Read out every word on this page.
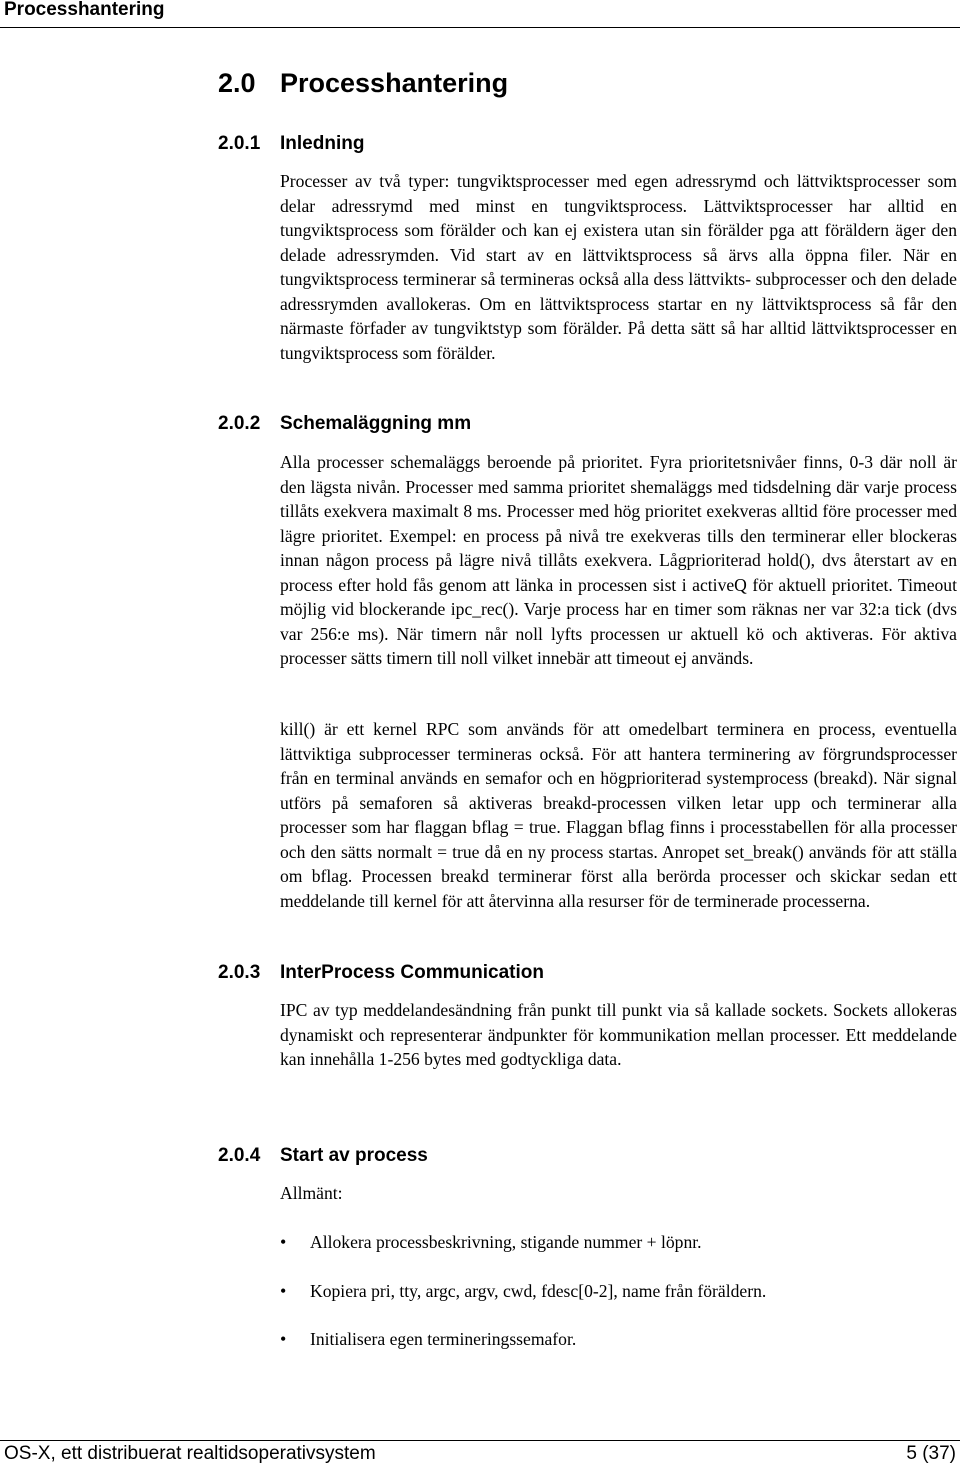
Processhantering
2.0 Processhantering
2.0.1 Inledning

Processer av två typer: tungviktsprocesser med egen adressrymd och lättviktsprocesser som delar adressrymd med minst en tungviktsprocess. Lättviktsprocesser har alltid en tungviktsprocess som förälder och kan ej existera utan sin förälder pga att föräldern äger den delade adressrymden. Vid start av en lättviktsprocess så ärvs alla öppna filer. När en tungviktsprocess terminerar så termineras också alla dess lättvikts- subprocesser och den delade adressrymden avallokeras. Om en lättviktsprocess startar en ny lättviktsprocess så får den närmaste förfader av tungviktstyp som förälder. På detta sätt så har alltid lättviktsprocesser en tungviktsprocess som förälder.

2.0.2 Schemaläggning mm

Alla processer schemaläggs beroende på prioritet. Fyra prioritetsnivåer finns, 0-3 där noll är den lägsta nivån. Processer med samma prioritet shemaläggs med tidsdelning där varje process tillåts exekvera maximalt 8 ms. Processer med hög prioritet exekveras alltid före processer med lägre prioritet. Exempel: en process på nivå tre exekveras tills den terminerar eller blockeras innan någon process på lägre nivå tillåts exekvera. Lågprioriterad hold(), dvs återstart av en process efter hold fås genom att länka in processen sist i activeQ för aktuell prioritet. Timeout möjlig vid blockerande ipc_rec(). Varje process har en timer som räknas ner var 32:a tick (dvs var 256:e ms). När timern når noll lyfts processen ur aktuell kö och aktiveras. För aktiva processer sätts timern till noll vilket innebär att timeout ej används.

kill() är ett kernel RPC som används för att omedelbart terminera en process, eventuella lättviktiga subprocesser termineras också. För att hantera terminering av förgrundsprocesser från en terminal används en semafor och en högprioriterad systemprocess (breakd). När signal utförs på semaforen så aktiveras breakd-processen vilken letar upp och terminerar alla processer som har flaggan bflag = true. Flaggan bflag finns i processtabellen för alla processer och den sätts normalt = true då en ny process startas. Anropet set_break() används för att ställa om bflag. Processen breakd terminerar först alla berörda processer och skickar sedan ett meddelande till kernel för att återvinna alla resurser för de terminerade processerna.

2.0.3 InterProcess Communication

IPC av typ meddelandesändning från punkt till punkt via så kallade sockets. Sockets allokeras dynamiskt och representerar ändpunkter för kommunikation mellan processer. Ett meddelande kan innehålla 1-256 bytes med godtyckliga data.

2.0.4 Start av process

Allmänt:

• Allokera processbeskrivning, stigande nummer + löpnr.
• Kopiera pri, tty, argc, argv, cwd, fdesc[0-2], name från föräldern.
• Initialisera egen termineringssemafor.
OS-X, ett distribuerat realtidsoperativsystem	5 (37)
